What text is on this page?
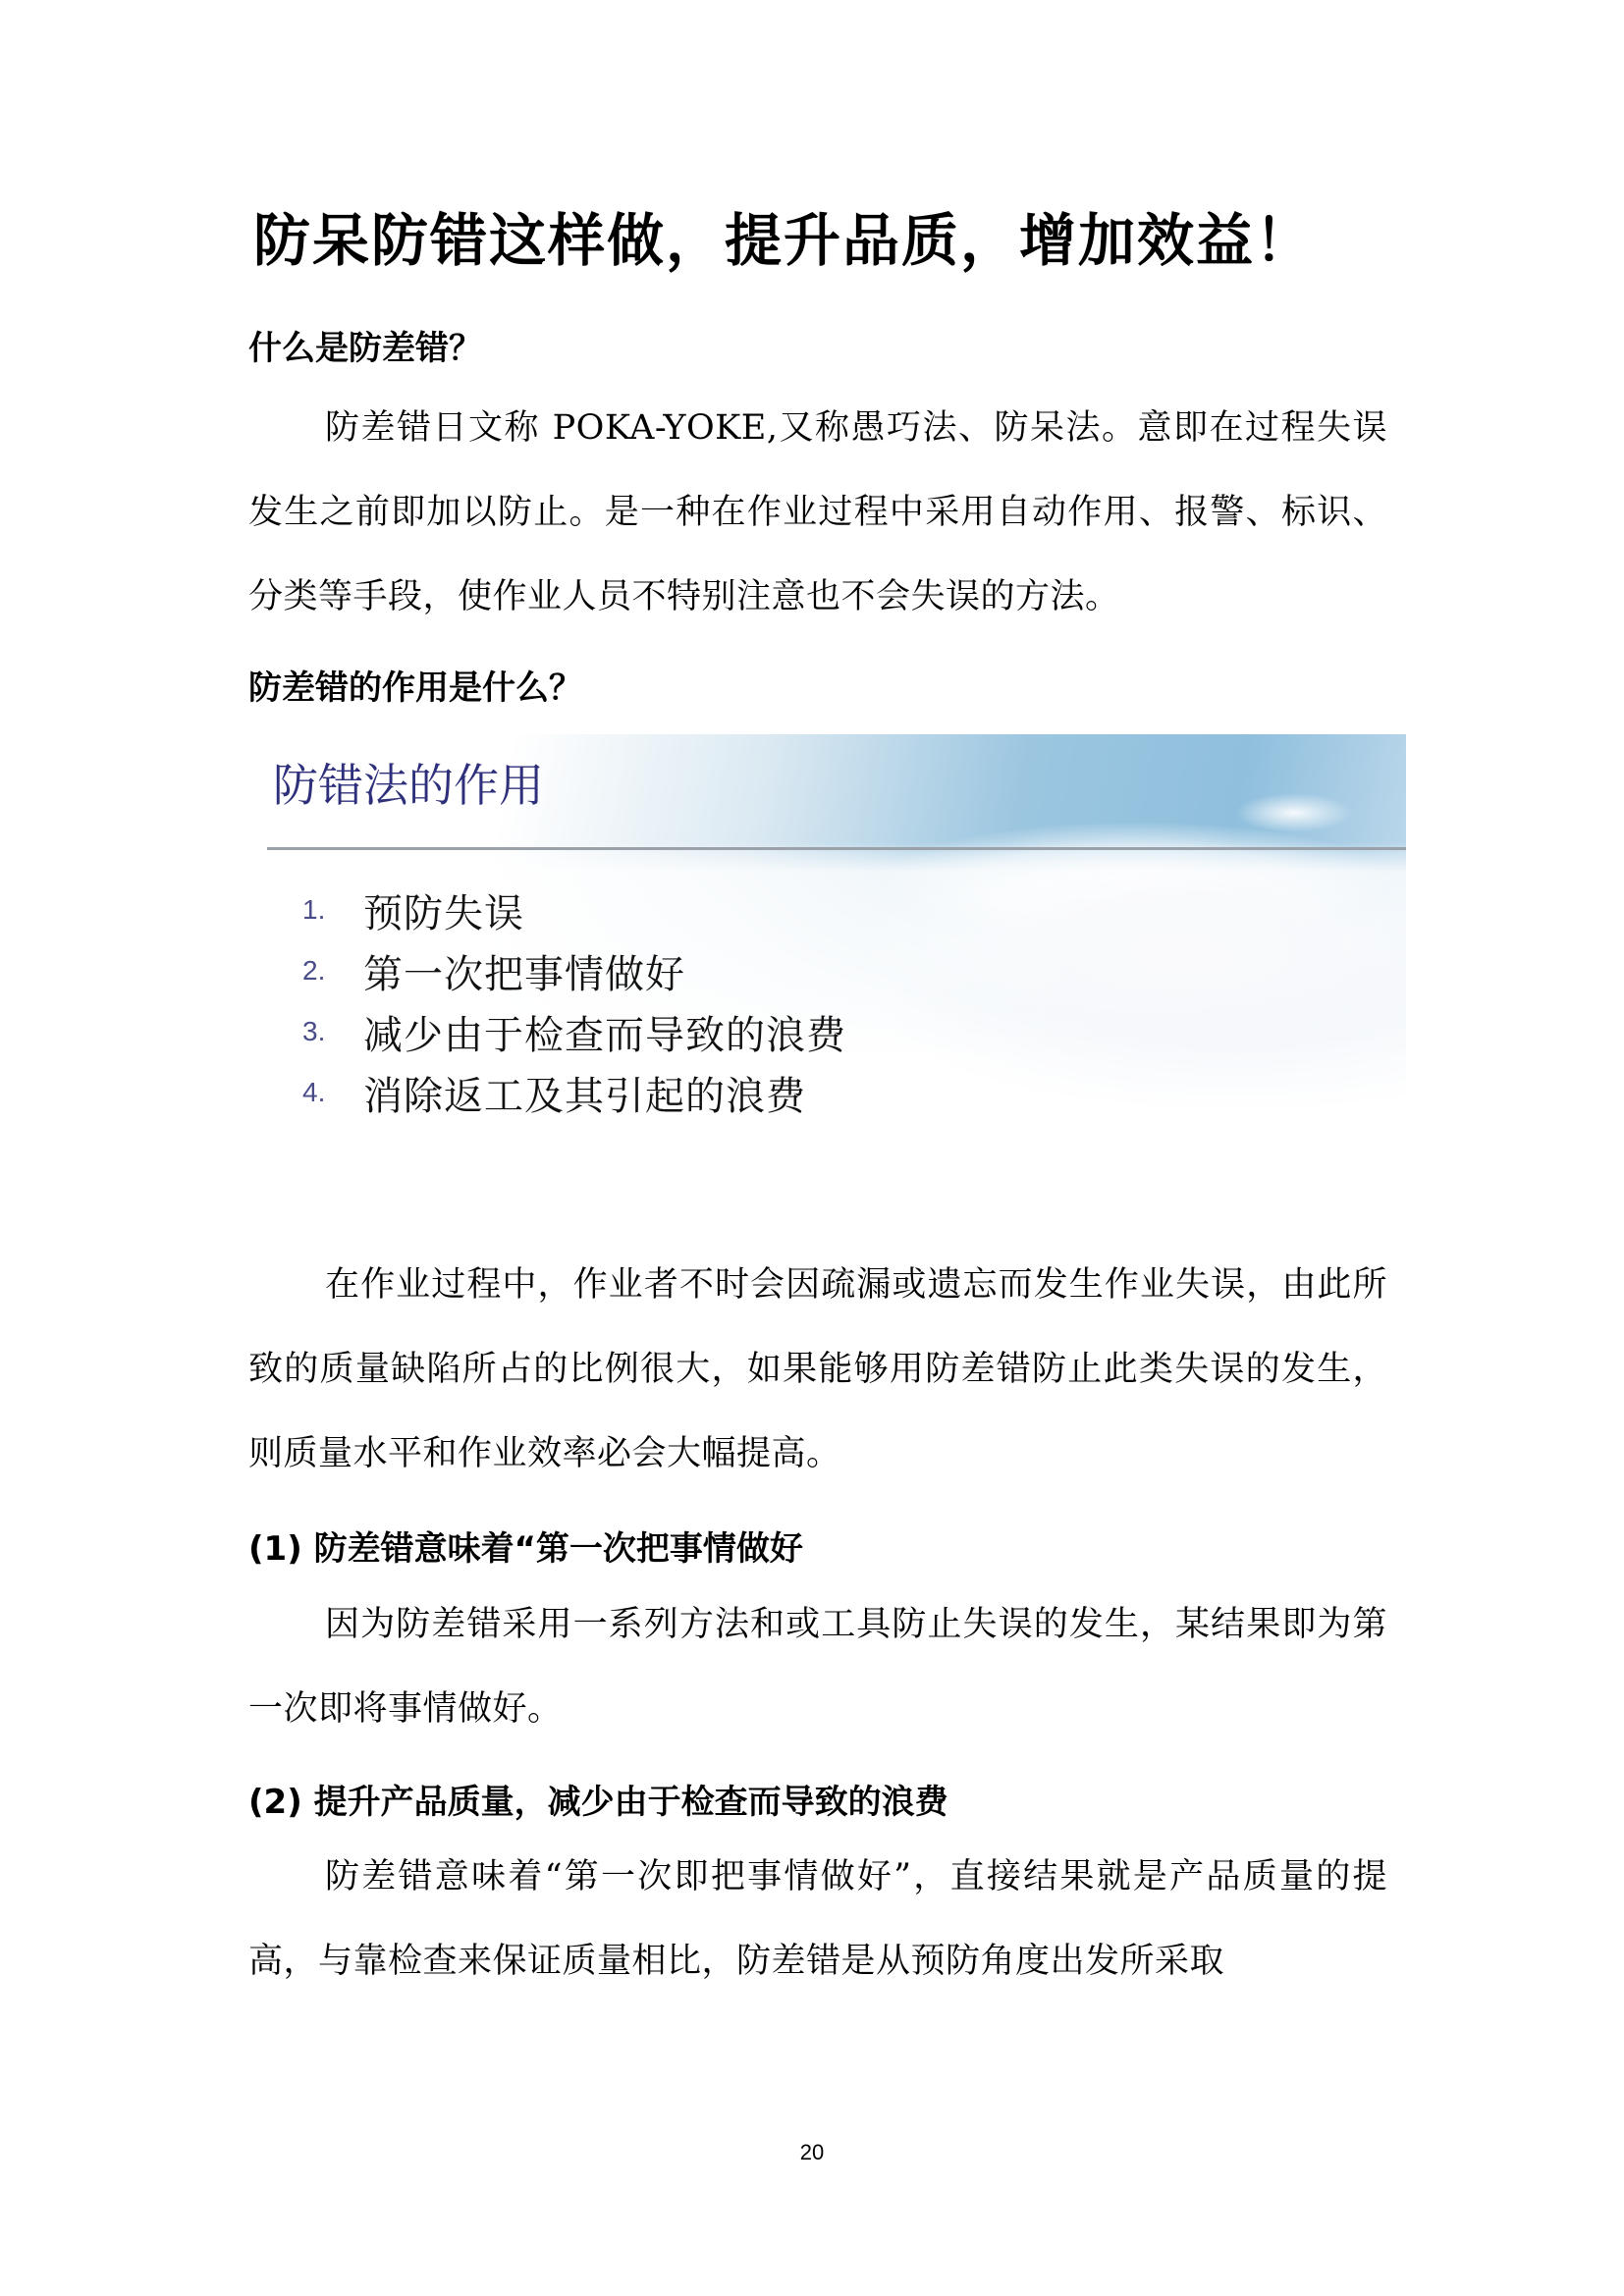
防呆防错这样做，提升品质，增加效益！
什么是防差错？
防差错日文称 POKA-YOKE,又称愚巧法、防呆法。意即在过程失误发生之前即加以防止。是一种在作业过程中采用自动作用、报警、标识、分类等手段，使作业人员不特别注意也不会失误的方法。
防差错的作用是什么？
防错法的作用
1. 预防失误
2. 第一次把事情做好
3. 减少由于检查而导致的浪费
4. 消除返工及其引起的浪费
在作业过程中，作业者不时会因疏漏或遗忘而发生作业失误，由此所致的质量缺陷所占的比例很大，如果能够用防差错防止此类失误的发生，则质量水平和作业效率必会大幅提高。
(1) 防差错意味着“第一次把事情做好
因为防差错采用一系列方法和或工具防止失误的发生，某结果即为第一次即将事情做好。
(2) 提升产品质量，减少由于检查而导致的浪费
防差错意味着“第一次即把事情做好”，直接结果就是产品质量的提高，与靠检查来保证质量相比，防差错是从预防角度出发所采取
20
